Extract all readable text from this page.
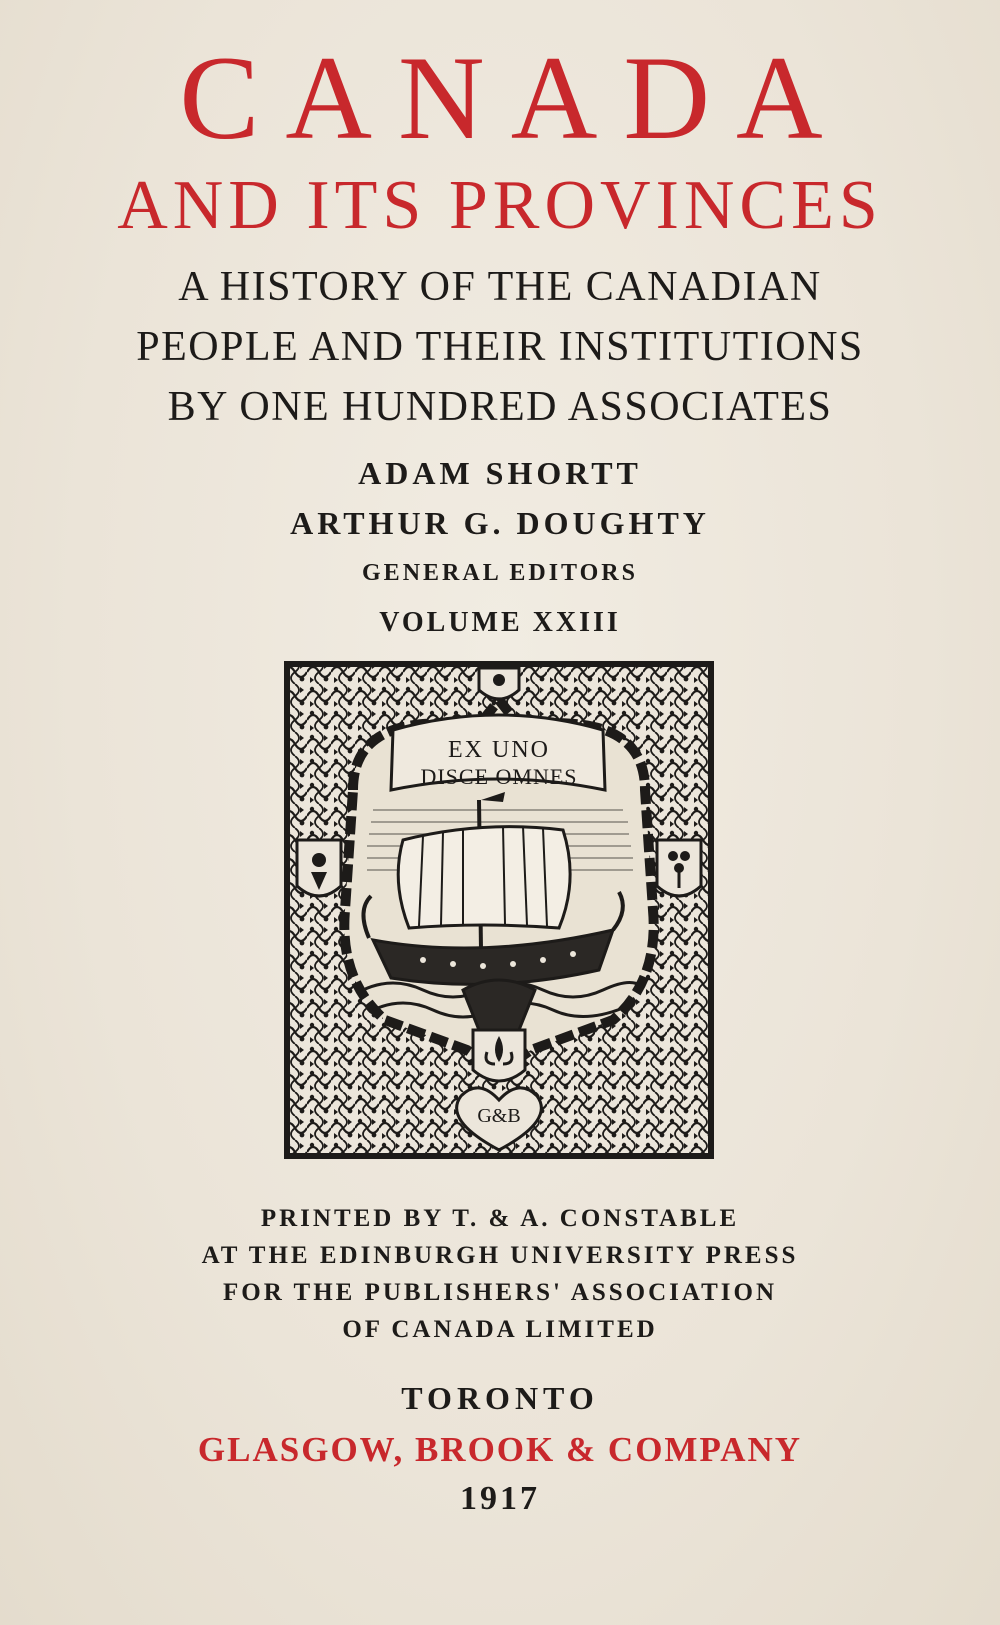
CANADA
AND ITS PROVINCES
A HISTORY OF THE CANADIAN
PEOPLE AND THEIR INSTITUTIONS
BY ONE HUNDRED ASSOCIATES
ADAM SHORTT
ARTHUR G. DOUGHTY
GENERAL EDITORS
VOLUME XXIII
EX UNO
DISCE OMNES
G&B
PRINTED BY T. & A. CONSTABLE
AT THE EDINBURGH UNIVERSITY PRESS
FOR THE PUBLISHERS' ASSOCIATION
OF CANADA LIMITED
TORONTO
GLASGOW, BROOK & COMPANY
1917
